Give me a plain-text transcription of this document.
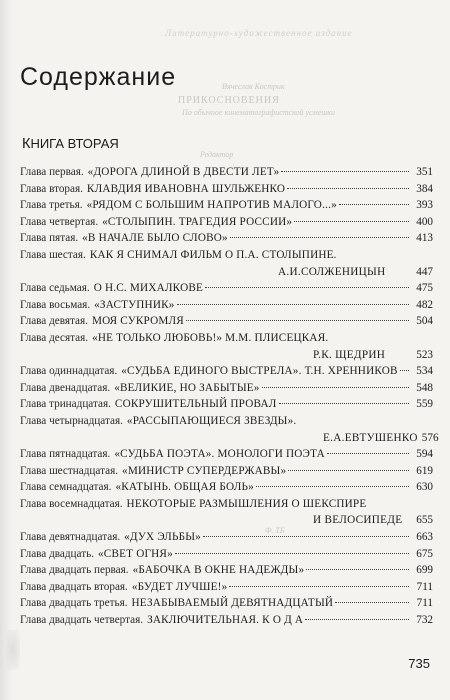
Литературно-художественное издание
Вячеслав Кострик
ПРИКОСНОВЕНИЯ
По обычное кинематографистской усмешки
Редактор
Ф. ТБ
Содержание
КНИГА ВТОРАЯ
Глава первая. «ДОРОГА ДЛИНОЙ В ДВЕСТИ ЛЕТ»	351
Глава вторая. КЛАВДИЯ ИВАНОВНА ШУЛЬЖЕНКО	384
Глава третья. «РЯДОМ С БОЛЬШИМ НАПРОТИВ МАЛОГО...»	393
Глава четвертая. «СТОЛЫПИН. ТРАГЕДИЯ РОССИИ»	400
Глава пятая. «В НАЧАЛЕ БЫЛО СЛОВО»	413
Глава шестая. КАК Я СНИМАЛ ФИЛЬМ О П.А. СТОЛЫПИНЕ.
А.И.СОЛЖЕНИЦЫН	447
Глава седьмая. О Н.С. МИХАЛКОВЕ	475
Глава восьмая. «ЗАСТУПНИК»	482
Глава девятая. МОЯ СУКРОМЛЯ	504
Глава десятая. «НЕ ТОЛЬКО ЛЮБОВЬ!» М.М. ПЛИСЕЦКАЯ.
Р.К. ЩЕДРИН	523
Глава одиннадцатая. «СУДЬБА ЕДИНОГО ВЫСТРЕЛА». Т.Н. ХРЕННИКОВ	534
Глава двенадцатая. «ВЕЛИКИЕ, НО ЗАБЫТЫЕ»	548
Глава тринадцатая. СОКРУШИТЕЛЬНЫЙ ПРОВАЛ	559
Глава четырнадцатая. «РАССЫПАЮЩИЕСЯ ЗВЕЗДЫ».
Е.А.ЕВТУШЕНКО 576
Глава пятнадцатая. «СУДЬБА ПОЭТА». МОНОЛОГИ ПОЭТА	594
Глава шестнадцатая. «МИНИСТР СУПЕРДЕРЖАВЫ»	619
Глава семнадцатая. «КАТЫНЬ. ОБЩАЯ БОЛЬ»	630
Глава восемнадцатая. НЕКОТОРЫЕ РАЗМЫШЛЕНИЯ О ШЕКСПИРЕ
И ВЕЛОСИПЕДЕ	655
Глава девятнадцатая. «ДУХ ЭЛЬБЫ»	663
Глава двадцать. «СВЕТ ОГНЯ»	675
Глава двадцать первая. «БАБОЧКА В ОКНЕ НАДЕЖДЫ»	699
Глава двадцать вторая. «БУДЕТ ЛУЧШЕ!»	711
Глава двадцать третья. НЕЗАБЫВАЕМЫЙ ДЕВЯТНАДЦАТЫЙ	711
Глава двадцать четвертая. ЗАКЛЮЧИТЕЛЬНАЯ. К О Д А	732
735
